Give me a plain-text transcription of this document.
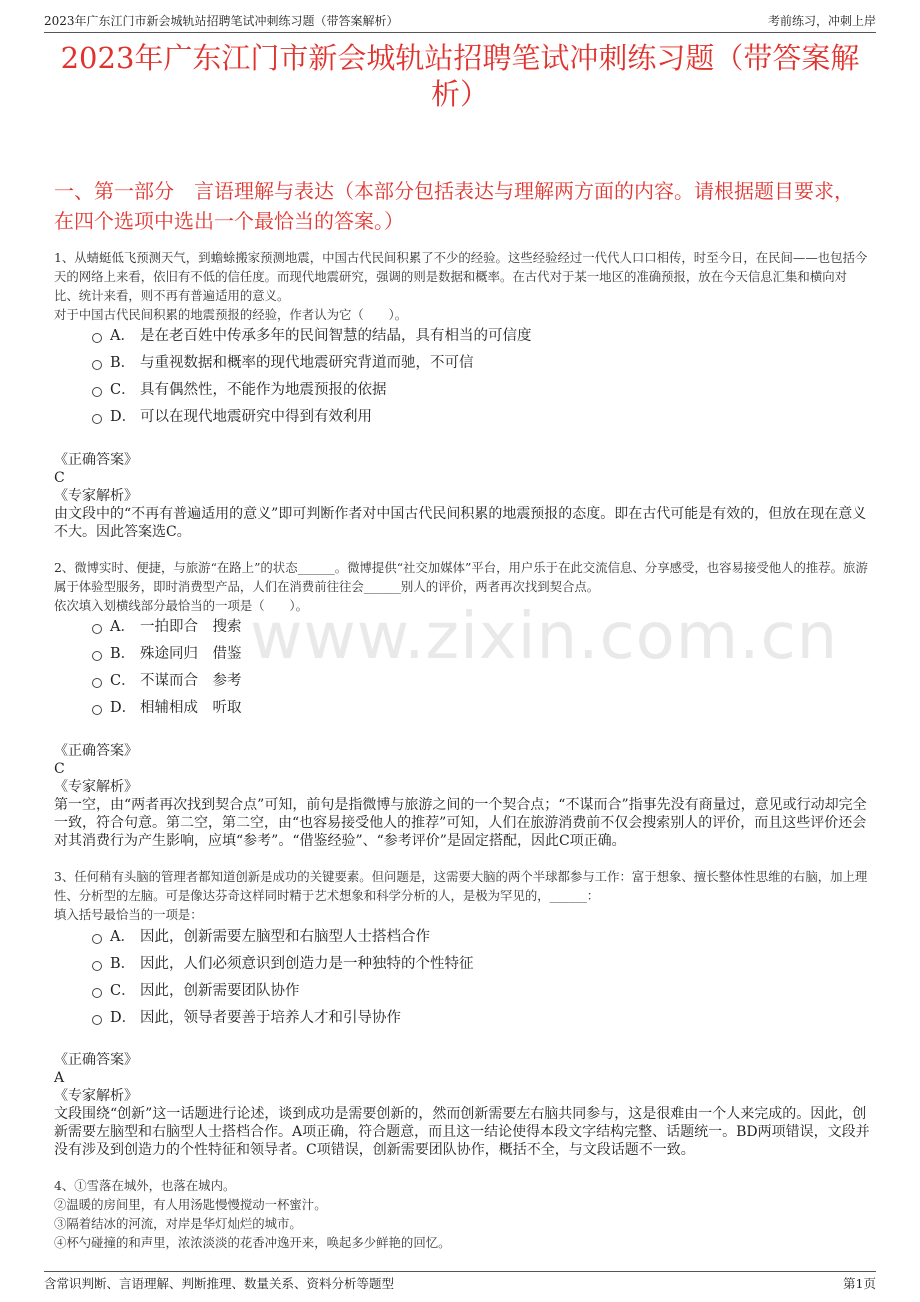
2023年广东江门市新会城轨站招聘笔试冲刺练习题（带答案解析）	考前练习，冲刺上岸
2023年广东江门市新会城轨站招聘笔试冲刺练习题（带答案解析）
一、第一部分　言语理解与表达（本部分包括表达与理解两方面的内容。请根据题目要求，在四个选项中选出一个最恰当的答案。）
www.zixin.com.cn
1、从蜻蜓低飞预测天气，到蟾蜍搬家预测地震，中国古代民间积累了不少的经验。这些经验经过一代代人口口相传，时至今日，在民间——也包括今天的网络上来看，依旧有不低的信任度。而现代地震研究，强调的则是数据和概率。在古代对于某一地区的准确预报，放在今天信息汇集和横向对比、统计来看，则不再有普遍适用的意义。
对于中国古代民间积累的地震预报的经验，作者认为它（　　）。
A． 是在老百姓中传承多年的民间智慧的结晶，具有相当的可信度
B． 与重视数据和概率的现代地震研究背道而驰，不可信
C． 具有偶然性，不能作为地震预报的依据
D． 可以在现代地震研究中得到有效利用

《正确答案》

C

《专家解析》

由文段中的“不再有普遍适用的意义”即可判断作者对中国古代民间积累的地震预报的态度。即在古代可能是有效的，但放在现在意义不大。因此答案选C。

2、微博实时、便捷，与旅游“在路上”的状态______。微博提供“社交加媒体”平台，用户乐于在此交流信息、分享感受，也容易接受他人的推荐。旅游属于体验型服务，即时消费型产品，人们在消费前往往会______别人的评价，两者再次找到契合点。
依次填入划横线部分最恰当的一项是（　　）。
A． 一拍即合　搜索
B． 殊途同归　借鉴
C． 不谋而合　参考
D． 相辅相成　听取

《正确答案》

C

《专家解析》

第一空，由“两者再次找到契合点”可知，前句是指微博与旅游之间的一个契合点；“不谋而合”指事先没有商量过，意见或行动却完全一致，符合句意。第二空，第二空，由“也容易接受他人的推荐”可知，人们在旅游消费前不仅会搜索别人的评价，而且这些评价还会对其消费行为产生影响，应填“参考”。“借鉴经验”、“参考评价”是固定搭配，因此C项正确。

3、任何稍有头脑的管理者都知道创新是成功的关键要素。但问题是，这需要大脑的两个半球都参与工作：富于想象、擅长整体性思维的右脑，加上理性、分析型的左脑。可是像达芬奇这样同时精于艺术想象和科学分析的人，是极为罕见的，______：
填入括号最恰当的一项是：
A． 因此，创新需要左脑型和右脑型人士搭档合作
B． 因此，人们必须意识到创造力是一种独特的个性特征
C． 因此，创新需要团队协作
D． 因此，领导者要善于培养人才和引导协作

《正确答案》

A

《专家解析》

文段围绕“创新”这一话题进行论述，谈到成功是需要创新的，然而创新需要左右脑共同参与，这是很难由一个人来完成的。因此，创新需要左脑型和右脑型人士搭档合作。A项正确，符合题意，而且这一结论使得本段文字结构完整、话题统一。BD两项错误，文段并没有涉及到创造力的个性特征和领导者。C项错误，创新需要团队协作，概括不全，与文段话题不一致。

4、①雪落在城外，也落在城内。
②温暖的房间里，有人用汤匙慢慢搅动一杯蜜汁。
③隔着结冰的河流，对岸是华灯灿烂的城市。
④杯勺碰撞的和声里，浓浓淡淡的花香冲逸开来，唤起多少鲜艳的回忆。
含常识判断、言语理解、判断推理、数量关系、资料分析等题型	第1页
